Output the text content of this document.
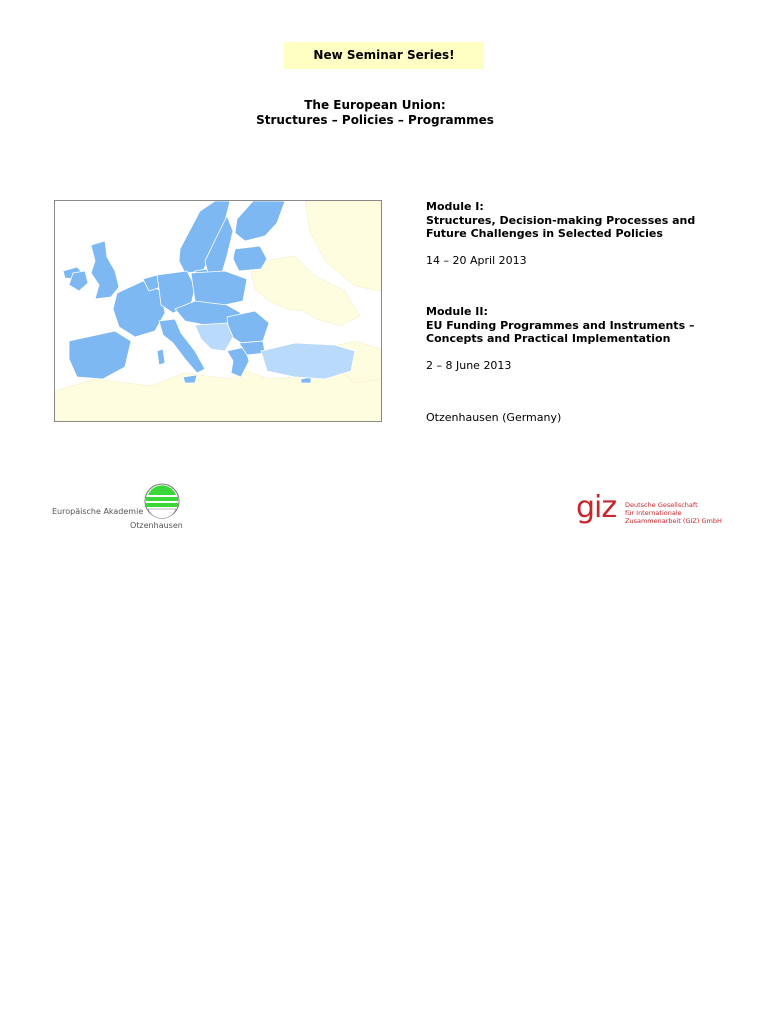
New Seminar Series!
The European Union:
Structures – Policies – Programmes
Module I:
Structures, Decision-making Processes and
Future Challenges in Selected Policies
14 – 20 April 2013
Module II:
EU Funding Programmes and Instruments –
Concepts and Practical Implementation
2 – 8 June 2013
Otzenhausen (Germany)
Europäische Akademie
Otzenhausen
giz Deutsche Gesellschaft
für Internationale
Zusammenarbeit (GIZ) GmbH
